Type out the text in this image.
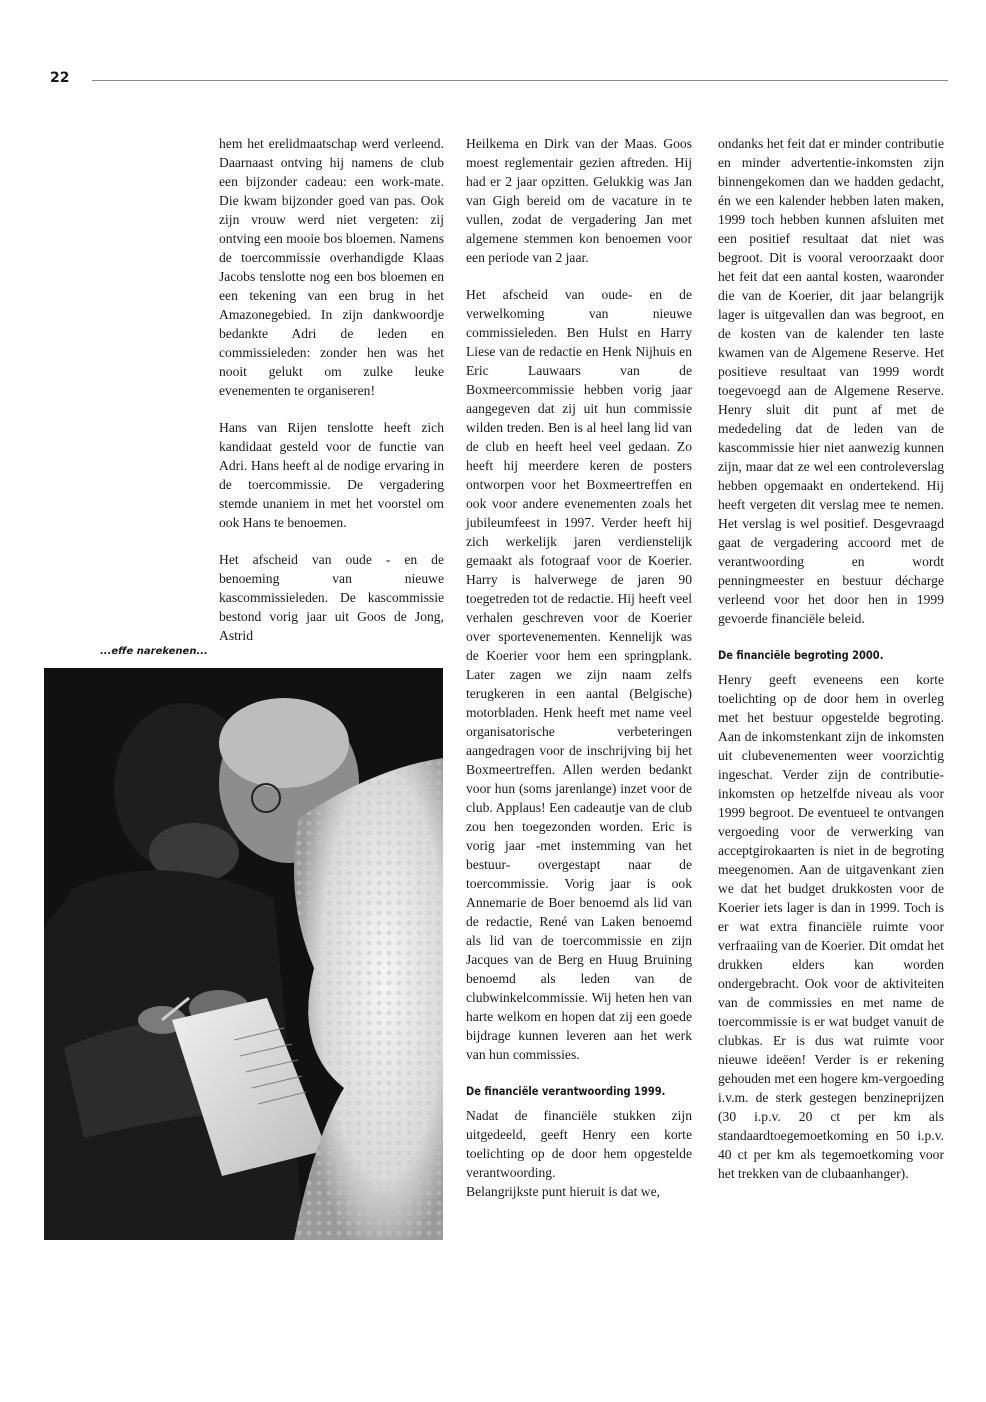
22

hem het erelidmaatschap werd verleend. Daarnaast ontving hij namens de club een bijzonder cadeau: een work-mate. Die kwam bijzonder goed van pas. Ook zijn vrouw werd niet vergeten: zij ontving een mooie bos bloemen. Namens de toercommissie overhandigde Klaas Jacobs tenslotte nog een bos bloemen en een tekening van een brug in het Amazonegebied. In zijn dankwoordje bedankte Adri de leden en commissieleden: zonder hen was het nooit gelukt om zulke leuke evenementen te organiseren!

Hans van Rijen tenslotte heeft zich kandidaat gesteld voor de functie van Adri. Hans heeft al de nodige ervaring in de toercommissie. De vergadering stemde unaniem in met het voorstel om ook Hans te benoemen.

Het afscheid van oude - en de benoeming van nieuwe kascommissieleden. De kascommissie bestond vorig jaar uit Goos de Jong, Astrid

...effe narekenen...

Heilkema en Dirk van der Maas. Goos moest reglementair gezien aftreden. Hij had er 2 jaar opzitten. Gelukkig was Jan van Gigh bereid om de vacature in te vullen, zodat de vergadering Jan met algemene stemmen kon benoemen voor een periode van 2 jaar.

Het afscheid van oude- en de verwelkoming van nieuwe commissieleden. Ben Hulst en Harry Liese van de redactie en Henk Nijhuis en Eric Lauwaars van de Boxmeercommissie hebben vorig jaar aangegeven dat zij uit hun commissie wilden treden. Ben is al heel lang lid van de club en heeft heel veel gedaan. Zo heeft hij meerdere keren de posters ontworpen voor het Boxmeertreffen en ook voor andere evenementen zoals het jubileumfeest in 1997. Verder heeft hij zich werkelijk jaren verdienstelijk gemaakt als fotograaf voor de Koerier. Harry is halverwege de jaren 90 toegetreden tot de redactie. Hij heeft veel verhalen geschreven voor de Koerier over sportevenementen. Kennelijk was de Koerier voor hem een springplank. Later zagen we zijn naam zelfs terugkeren in een aantal (Belgische) motorbladen. Henk heeft met name veel organisatorische verbeteringen aangedragen voor de inschrijving bij het Boxmeertreffen. Allen werden bedankt voor hun (soms jarenlange) inzet voor de club. Applaus! Een cadeautje van de club zou hen toegezonden worden. Eric is vorig jaar -met instemming van het bestuur- overgestapt naar de toercommissie. Vorig jaar is ook Annemarie de Boer benoemd als lid van de redactie, René van Laken benoemd als lid van de toercommissie en zijn Jacques van de Berg en Huug Bruining benoemd als leden van de clubwinkelcommissie. Wij heten hen van harte welkom en hopen dat zij een goede bijdrage kunnen leveren aan het werk van hun commissies.

De financiële verantwoording 1999.

Nadat de financiële stukken zijn uitgedeeld, geeft Henry een korte toelichting op de door hem opgestelde verantwoording.

Belangrijkste punt hieruit is dat we,

ondanks het feit dat er minder contributie en minder advertentie-inkomsten zijn binnengekomen dan we hadden gedacht, én we een kalender hebben laten maken, 1999 toch hebben kunnen afsluiten met een positief resultaat dat niet was begroot. Dit is vooral veroorzaakt door het feit dat een aantal kosten, waaronder die van de Koerier, dit jaar belangrijk lager is uitgevallen dan was begroot, en de kosten van de kalender ten laste kwamen van de Algemene Reserve. Het positieve resultaat van 1999 wordt toegevoegd aan de Algemene Reserve. Henry sluit dit punt af met de mededeling dat de leden van de kascommissie hier niet aanwezig kunnen zijn, maar dat ze wel een controleverslag hebben opgemaakt en ondertekend. Hij heeft vergeten dit verslag mee te nemen. Het verslag is wel positief. Desgevraagd gaat de vergadering accoord met de verantwoording en wordt penningmeester en bestuur décharge verleend voor het door hen in 1999 gevoerde financiële beleid.

De financiële begroting 2000.

Henry geeft eveneens een korte toelichting op de door hem in overleg met het bestuur opgestelde begroting. Aan de inkomstenkant zijn de inkomsten uit clubevenementen weer voorzichtig ingeschat. Verder zijn de contributie-inkomsten op hetzelfde niveau als voor 1999 begroot. De eventueel te ontvangen vergoeding voor de verwerking van acceptgirokaarten is niet in de begroting meegenomen. Aan de uitgavenkant zien we dat het budget drukkosten voor de Koerier iets lager is dan in 1999. Toch is er wat extra financiële ruimte voor verfraaiing van de Koerier. Dit omdat het drukken elders kan worden ondergebracht. Ook voor de aktiviteiten van de commissies en met name de toercommissie is er wat budget vanuit de clubkas. Er is dus wat ruimte voor nieuwe ideëen! Verder is er rekening gehouden met een hogere km-vergoeding i.v.m. de sterk gestegen benzineprijzen (30 i.p.v. 20 ct per km als standaardtoegemoetkoming en 50 i.p.v. 40 ct per km als tegemoetkoming voor het trekken van de clubaanhanger).
